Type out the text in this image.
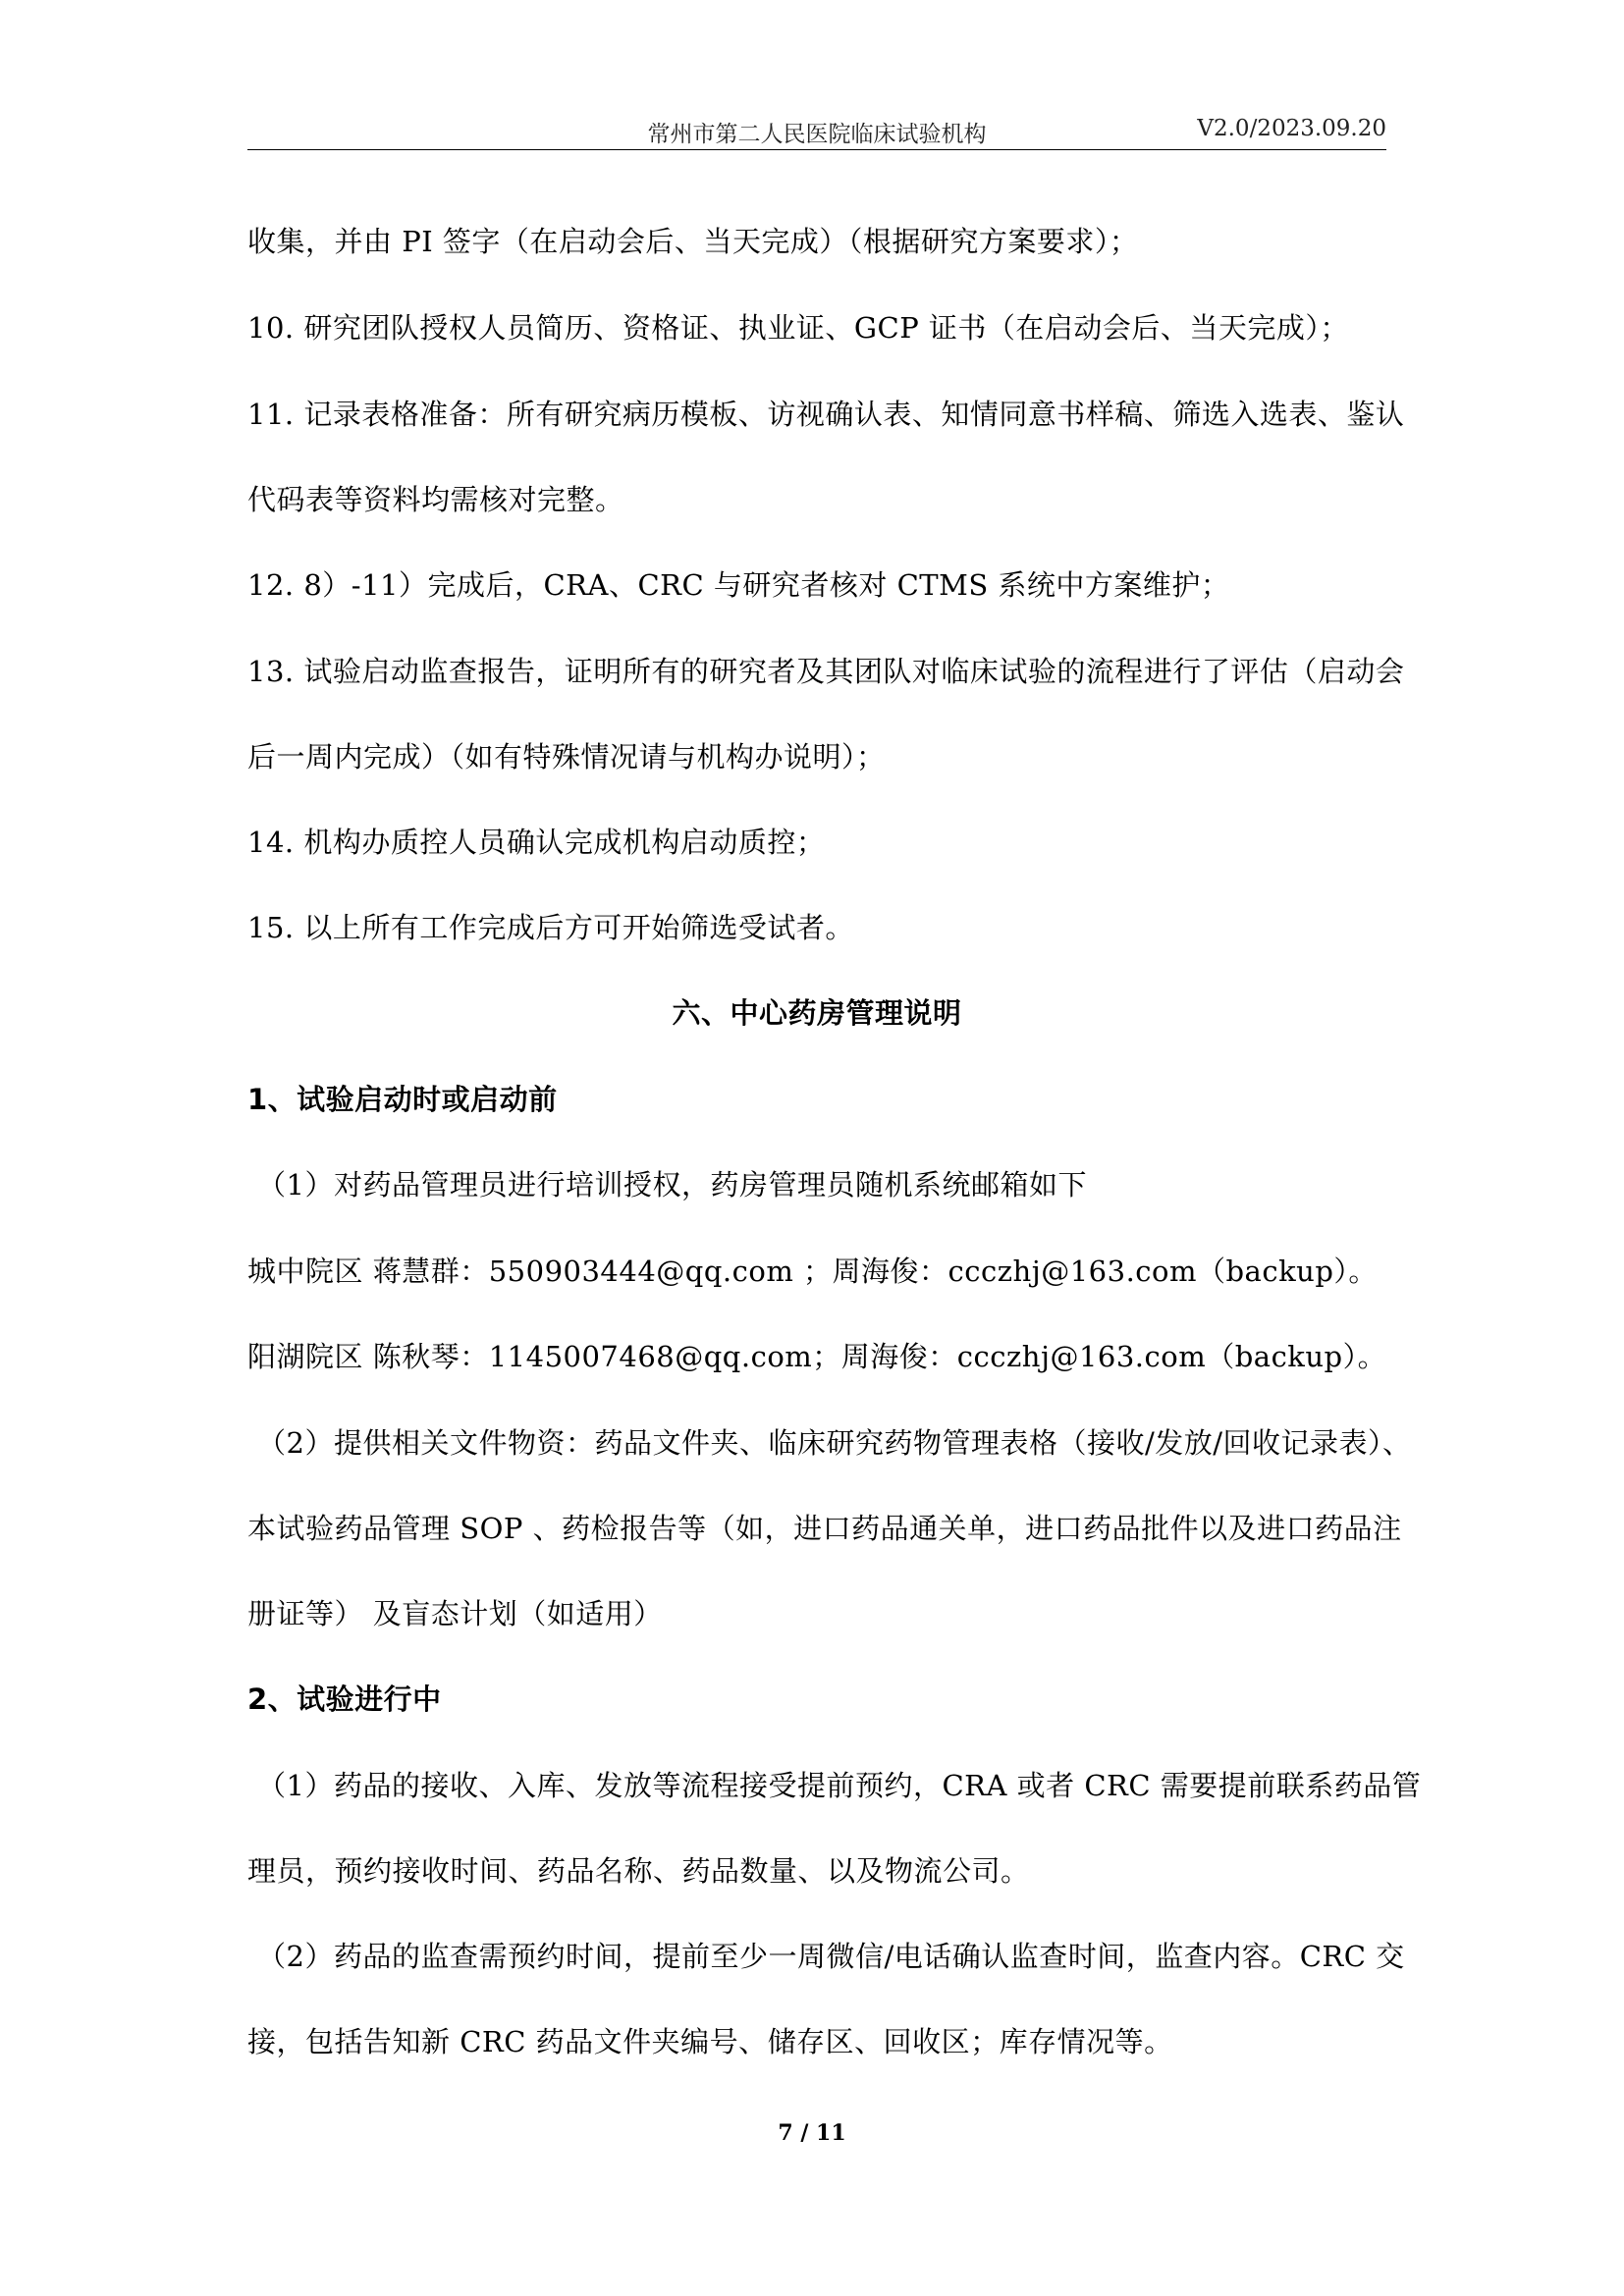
常州市第二人民医院临床试验机构	V2.0/2023.09.20
收集，并由 PI 签字（在启动会后、当天完成）（根据研究方案要求）；
10. 研究团队授权人员简历、资格证、执业证、GCP 证书（在启动会后、当天完成）；
11. 记录表格准备：所有研究病历模板、访视确认表、知情同意书样稿、筛选入选表、鉴认
代码表等资料均需核对完整。
12. 8）-11）完成后，CRA、CRC 与研究者核对 CTMS 系统中方案维护；
13. 试验启动监查报告，证明所有的研究者及其团队对临床试验的流程进行了评估（启动会
后一周内完成）（如有特殊情况请与机构办说明）；
14. 机构办质控人员确认完成机构启动质控；
15. 以上所有工作完成后方可开始筛选受试者。
六、中心药房管理说明
1、试验启动时或启动前
（1）对药品管理员进行培训授权，药房管理员随机系统邮箱如下
城中院区 蒋慧群：550903444@qq.com ；周海俊：ccczhj@163.com（backup）。
阳湖院区 陈秋琴：1145007468@qq.com；周海俊：ccczhj@163.com（backup）。
（2）提供相关文件物资：药品文件夹、临床研究药物管理表格（接收/发放/回收记录表）、
本试验药品管理 SOP 、药检报告等（如，进口药品通关单，进口药品批件以及进口药品注
册证等） 及盲态计划（如适用）
2、试验进行中
（1）药品的接收、入库、发放等流程接受提前预约，CRA 或者 CRC 需要提前联系药品管
理员，预约接收时间、药品名称、药品数量、以及物流公司。
（2）药品的监查需预约时间，提前至少一周微信/电话确认监查时间，监查内容。CRC 交
接，包括告知新 CRC 药品文件夹编号、储存区、回收区；库存情况等。
7 / 11
